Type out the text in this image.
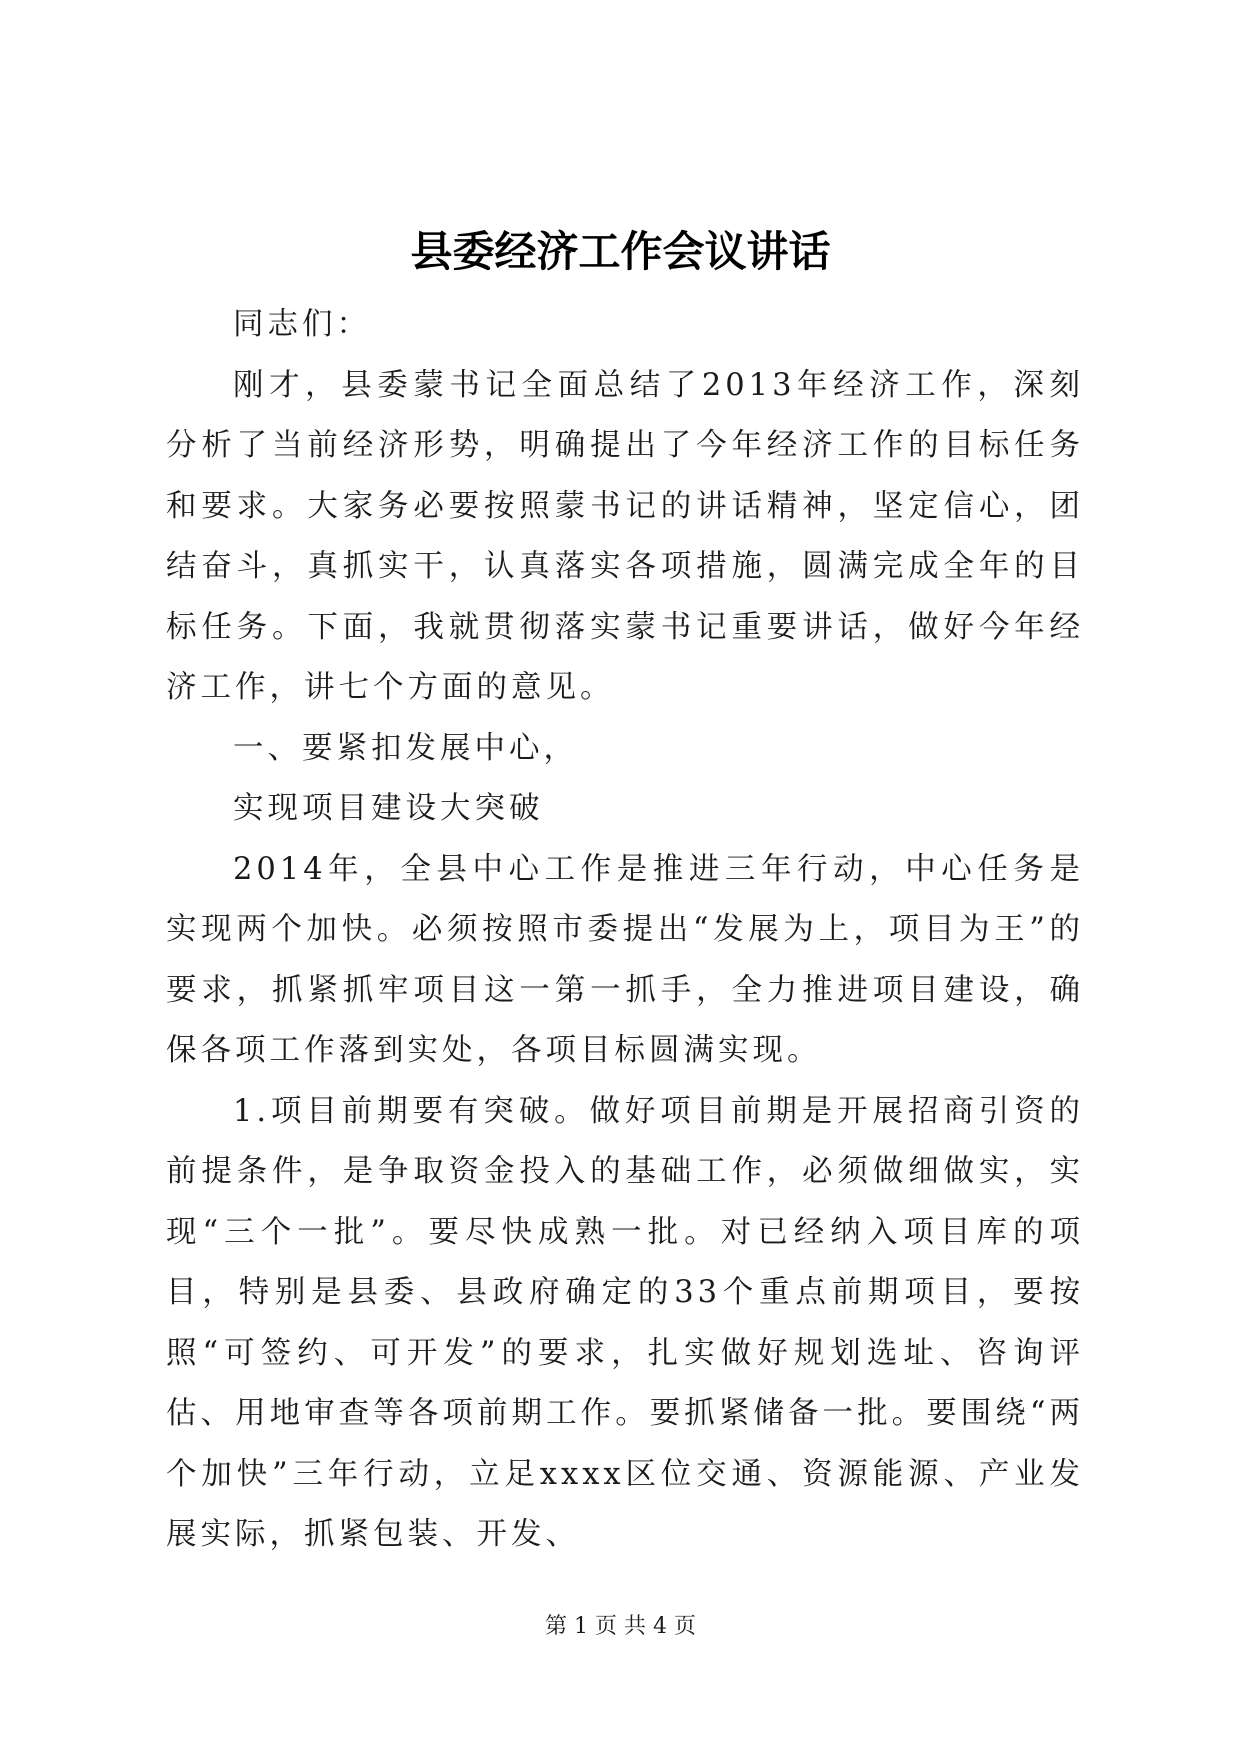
县委经济工作会议讲话

同志们：

刚才，县委蒙书记全面总结了2013年经济工作，深刻分析了当前经济形势，明确提出了今年经济工作的目标任务和要求。大家务必要按照蒙书记的讲话精神，坚定信心，团结奋斗，真抓实干，认真落实各项措施，圆满完成全年的目标任务。下面，我就贯彻落实蒙书记重要讲话，做好今年经济工作，讲七个方面的意见。

一、要紧扣发展中心，

实现项目建设大突破

2014年，全县中心工作是推进三年行动，中心任务是实现两个加快。必须按照市委提出“发展为上，项目为王”的要求，抓紧抓牢项目这一第一抓手，全力推进项目建设，确保各项工作落到实处，各项目标圆满实现。

1.项目前期要有突破。做好项目前期是开展招商引资的前提条件，是争取资金投入的基础工作，必须做细做实，实现“三个一批”。要尽快成熟一批。对已经纳入项目库的项目，特别是县委、县政府确定的33个重点前期项目，要按照“可签约、可开发”的要求，扎实做好规划选址、咨询评估、用地审查等各项前期工作。要抓紧储备一批。要围绕“两个加快”三年行动，立足xxxx区位交通、资源能源、产业发展实际，抓紧包装、开发、

第 1 页 共 4 页
